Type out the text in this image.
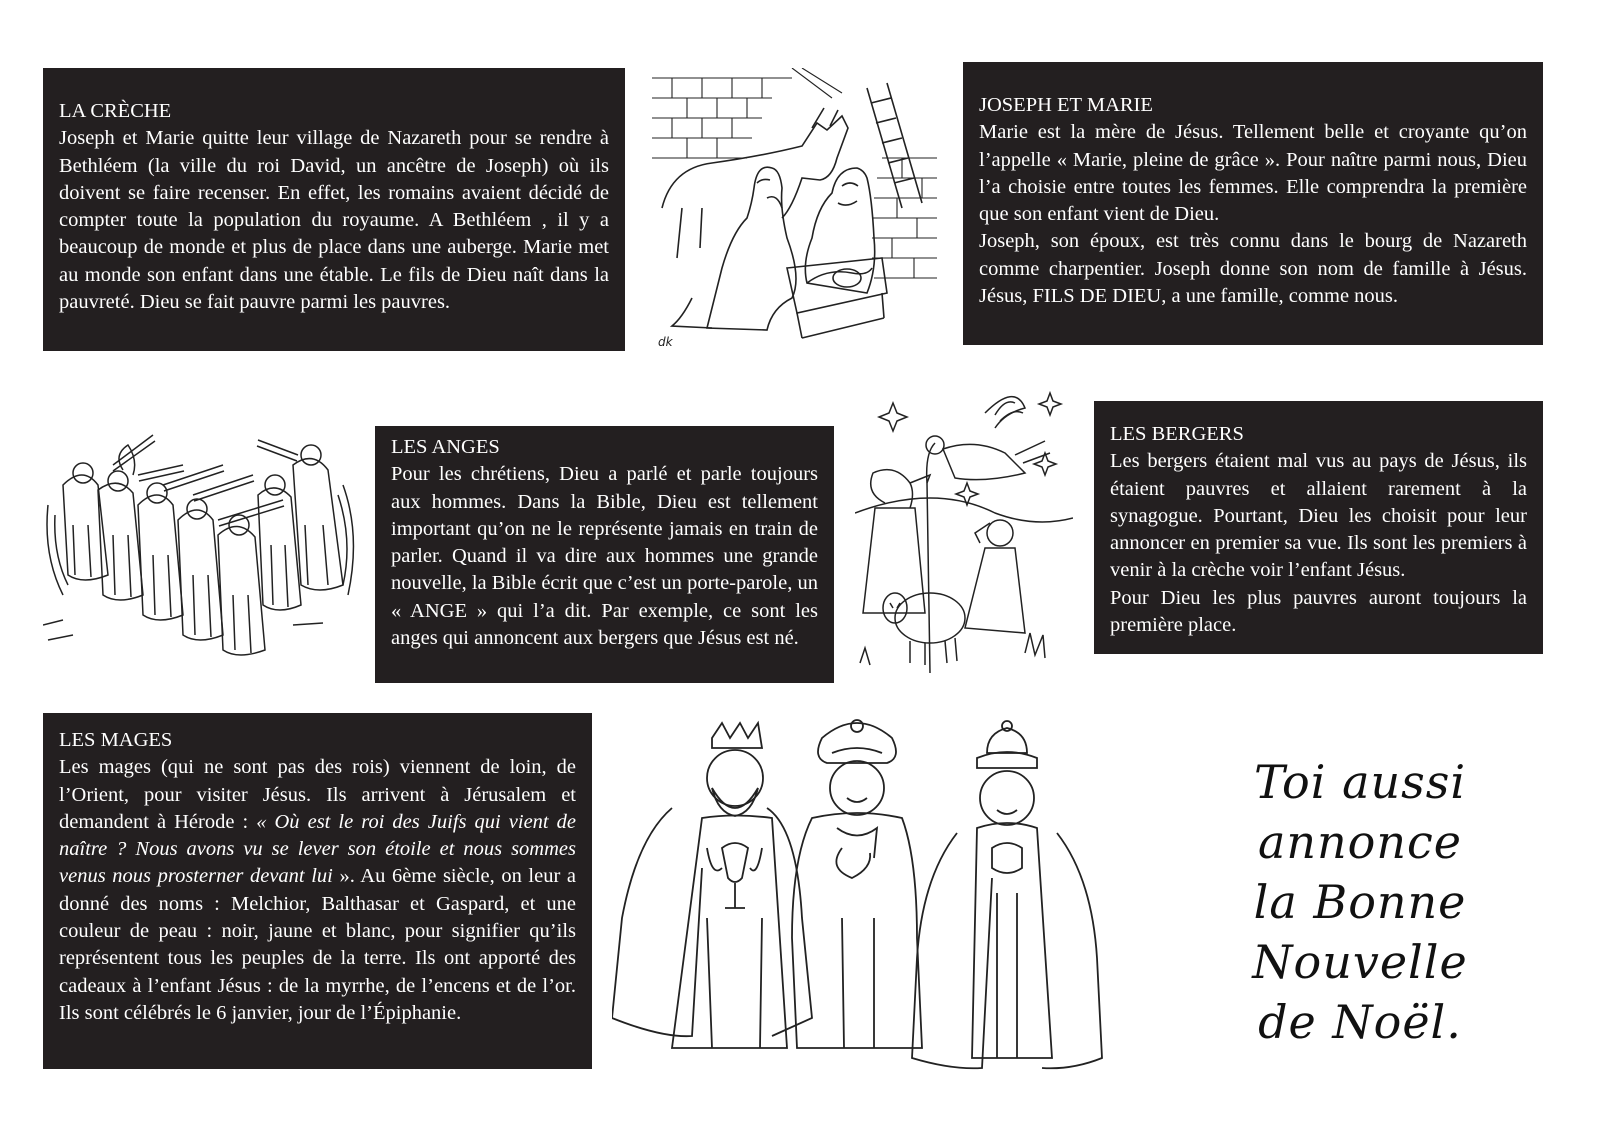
LA CRÈCHE

Joseph et Marie quitte leur village de Nazareth pour se rendre à Bethléem (la ville du roi David, un ancêtre de Joseph) où ils doivent se faire recenser. En effet, les romains avaient décidé de compter toute la population du royaume. A Bethléem , il y a beaucoup de monde et plus de place dans une auberge. Marie met au monde son enfant dans une étable. Le fils de Dieu naît dans la pauvreté. Dieu se fait pauvre parmi les pauvres.

dk
JOSEPH ET MARIE

Marie est la mère de Jésus. Tellement belle et croyante qu’on l’appelle « Marie, pleine de grâce ». Pour naître parmi nous, Dieu l’a choisie entre toutes les femmes. Elle comprendra la première que son enfant vient de Dieu.

Joseph, son époux, est très connu dans le bourg de Nazareth comme charpentier. Joseph donne son nom de famille à Jésus. Jésus, FILS DE DIEU, a une famille, comme nous.

LES ANGES

Pour les chrétiens, Dieu a parlé et parle toujours aux hommes. Dans la Bible, Dieu est tellement important qu’on ne le représente jamais en train de parler. Quand il va dire aux hommes une grande nouvelle, la Bible écrit que c’est un porte-parole, un « ANGE » qui l’a dit. Par exemple, ce sont les anges qui annoncent aux bergers que Jésus est né.

LES BERGERS

Les bergers étaient mal vus au pays de Jésus, ils étaient pauvres et allaient rarement à la synagogue. Pourtant, Dieu les choisit pour leur annoncer en premier sa vue. Ils sont les premiers à venir à la crèche voir l’enfant Jésus.

Pour Dieu les plus pauvres auront toujours la première place.

LES MAGES

Les mages (qui ne sont pas des rois) viennent de loin, de l’Orient, pour visiter Jésus. Ils arrivent à Jérusalem et demandent à Hérode : « Où est le roi des Juifs qui vient de naître ? Nous avons vu se lever son étoile et nous sommes venus nous prosterner devant lui ». Au 6ème siècle, on leur a donné des noms : Melchior, Balthasar et Gaspard, et une couleur de peau : noir, jaune et blanc, pour signifier qu’ils représentent tous les peuples de la terre. Ils ont apporté des cadeaux à l’enfant Jésus : de la myrrhe, de l’encens et de l’or. Ils sont célébrés le 6 janvier, jour de l’Épiphanie.

Toi aussi annonce
la Bonne Nouvelle
de Noël.
